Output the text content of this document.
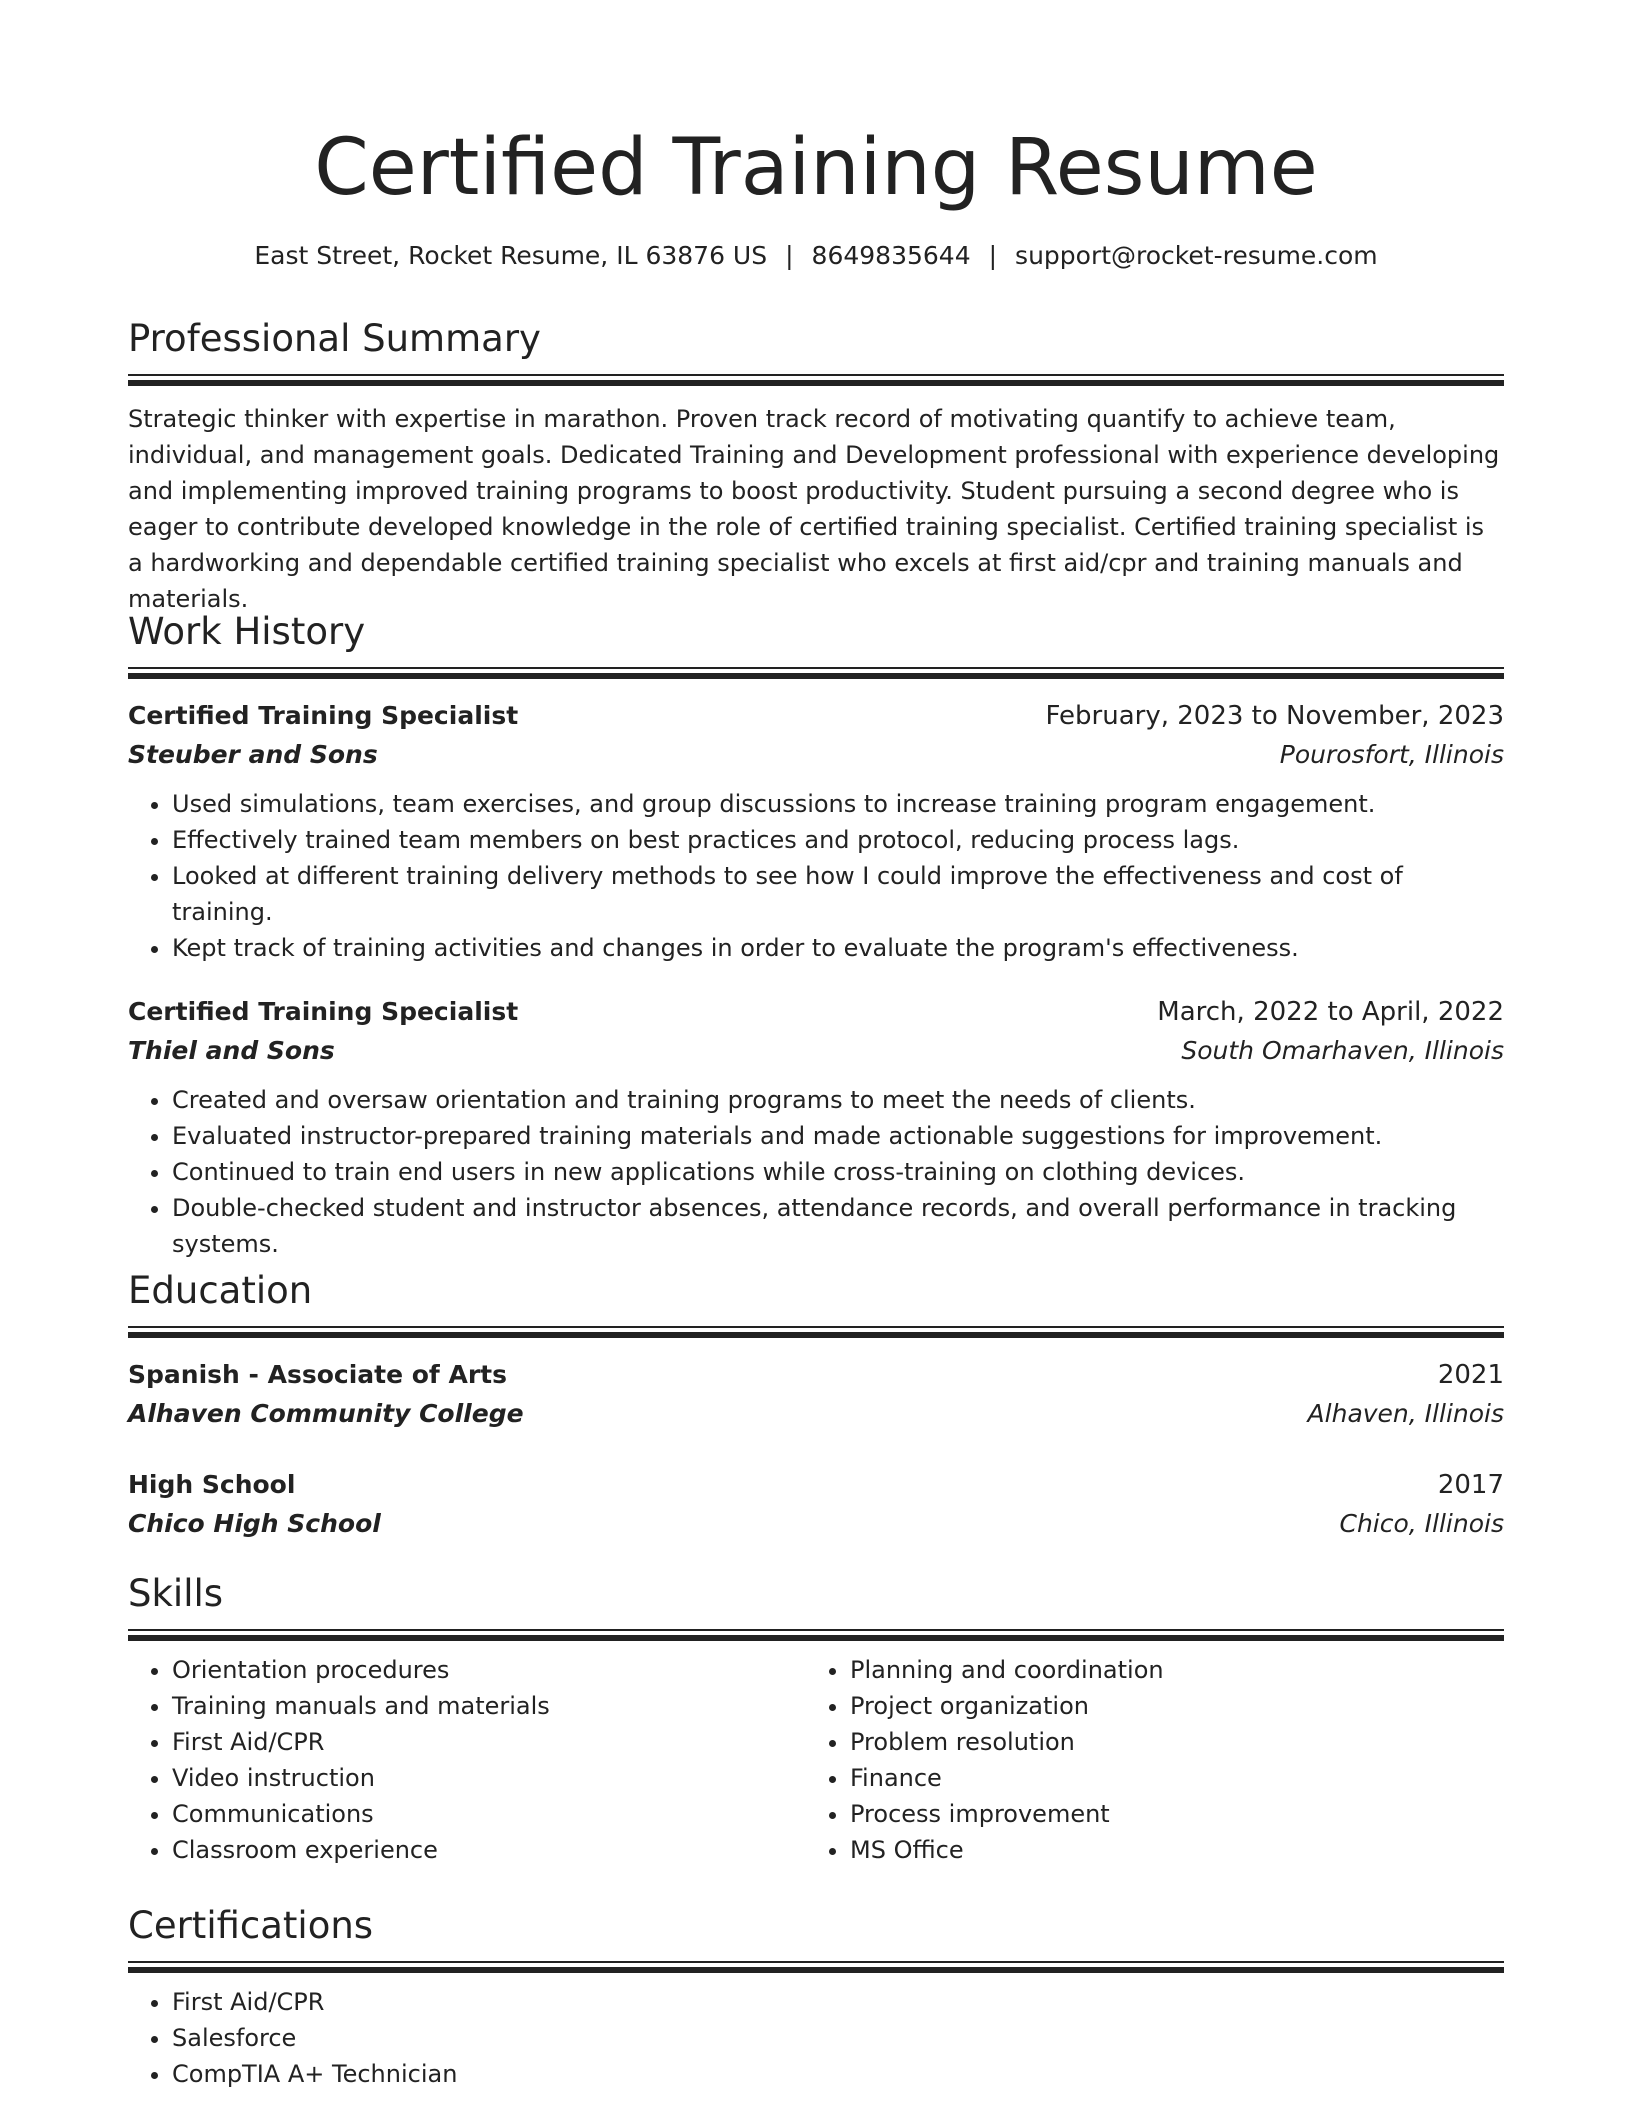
Certified Training Resume
East Street, Rocket Resume, IL 63876 US | 8649835644 | support@rocket-resume.com
Professional Summary
Strategic thinker with expertise in marathon. Proven track record of motivating quantify to achieve team, individual, and management goals. Dedicated Training and Development professional with experience developing and implementing improved training programs to boost productivity. Student pursuing a second degree who is eager to contribute developed knowledge in the role of certified training specialist. Certified training specialist is a hardworking and dependable certified training specialist who excels at first aid/cpr and training manuals and materials.
Work History
Certified Training Specialist	February, 2023 to November, 2023
Steuber and Sons	Pourosfort, Illinois
• Used simulations, team exercises, and group discussions to increase training program engagement.
• Effectively trained team members on best practices and protocol, reducing process lags.
• Looked at different training delivery methods to see how I could improve the effectiveness and cost of training.
• Kept track of training activities and changes in order to evaluate the program's effectiveness.
Certified Training Specialist	March, 2022 to April, 2022
Thiel and Sons	South Omarhaven, Illinois
• Created and oversaw orientation and training programs to meet the needs of clients.
• Evaluated instructor-prepared training materials and made actionable suggestions for improvement.
• Continued to train end users in new applications while cross-training on clothing devices.
• Double-checked student and instructor absences, attendance records, and overall performance in tracking systems.
Education
Spanish - Associate of Arts	2021
Alhaven Community College	Alhaven, Illinois
High School	2017
Chico High School	Chico, Illinois
Skills
• Orientation procedures
• Training manuals and materials
• First Aid/CPR
• Video instruction
• Communications
• Classroom experience
• Planning and coordination
• Project organization
• Problem resolution
• Finance
• Process improvement
• MS Office
Certifications
• First Aid/CPR
• Salesforce
• CompTIA A+ Technician
